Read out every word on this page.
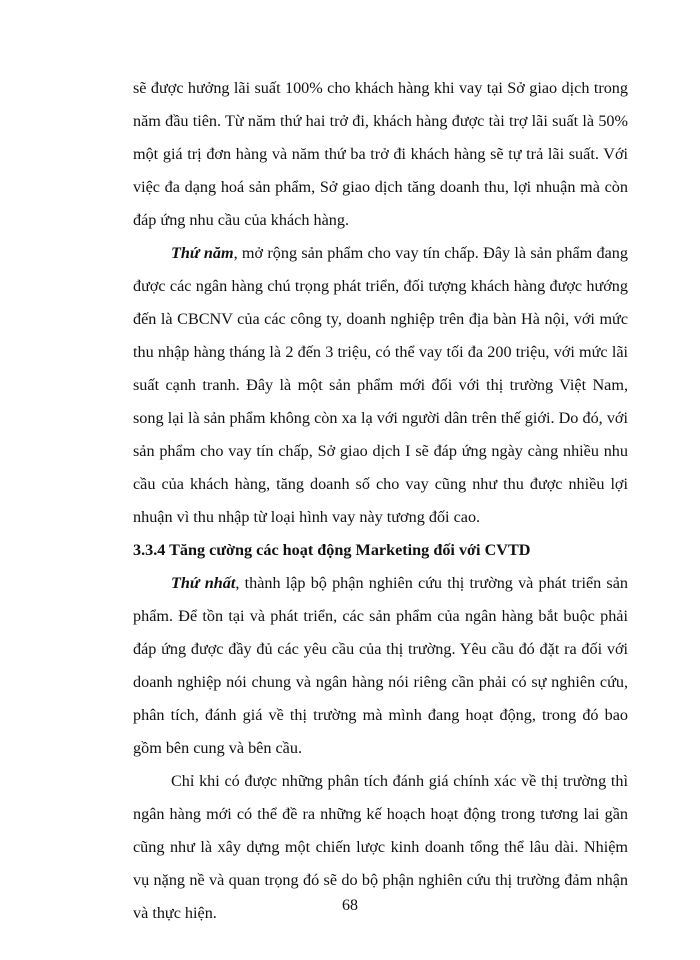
sẽ được hưởng lãi suất 100% cho khách hàng khi vay tại Sở giao dịch trong năm đầu tiên. Từ năm thứ hai trở đi, khách hàng được tài trợ lãi suất là 50% một giá trị đơn hàng và năm thứ ba trở đi khách hàng sẽ tự trả lãi suất. Với việc đa dạng hoá sản phẩm, Sở giao dịch tăng doanh thu, lợi nhuận mà còn đáp ứng nhu cầu của khách hàng.

Thứ năm, mở rộng sản phẩm cho vay tín chấp. Đây là sản phẩm đang được các ngân hàng chú trọng phát triển, đối tượng khách hàng được hướng đến là CBCNV của các công ty, doanh nghiệp trên địa bàn Hà nội, với mức thu nhập hàng tháng là 2 đến 3 triệu, có thể vay tối đa 200 triệu, với mức lãi suất cạnh tranh. Đây là một sản phẩm mới đối với thị trường Việt Nam, song lại là sản phẩm không còn xa lạ với người dân trên thế giới. Do đó, với sản phẩm cho vay tín chấp, Sở giao dịch I sẽ đáp ứng ngày càng nhiều nhu cầu của khách hàng, tăng doanh số cho vay cũng như thu được nhiều lợi nhuận vì thu nhập từ loại hình vay này tương đối cao.

3.3.4 Tăng cường các hoạt động Marketing đối với CVTD

Thứ nhất, thành lập bộ phận nghiên cứu thị trường và phát triển sản phẩm. Để tồn tại và phát triển, các sản phẩm của ngân hàng bắt buộc phải đáp ứng được đầy đủ các yêu cầu của thị trường. Yêu cầu đó đặt ra đối với doanh nghiệp nói chung và ngân hàng nói riêng cần phải có sự nghiên cứu, phân tích, đánh giá về thị trường mà mình đang hoạt động, trong đó bao gồm bên cung và bên cầu.

Chỉ khi có được những phân tích đánh giá chính xác về thị trường thì ngân hàng mới có thể đề ra những kế hoạch hoạt động trong tương lai gần cũng như là xây dựng một chiến lược kinh doanh tổng thể lâu dài. Nhiệm vụ nặng nề và quan trọng đó sẽ do bộ phận nghiên cứu thị trường đảm nhận và thực hiện.	68
